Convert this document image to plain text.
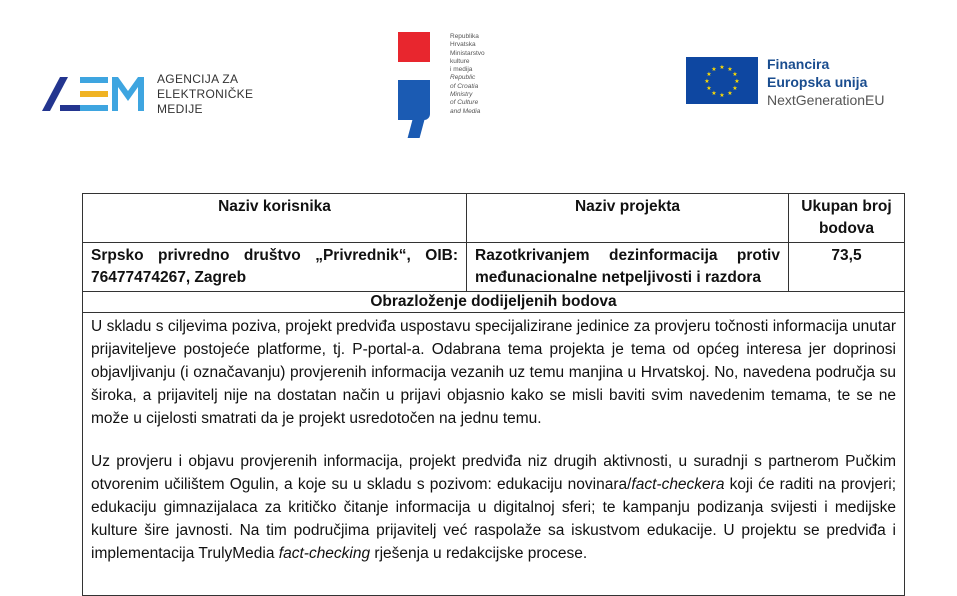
AGENCIJA ZA
ELEKTRONIČKE
MEDIJE
Republika
Hrvatska
Ministarstvo
kulture
i medija
Republic
of Croatia
Ministry
of Culture
and Media
★ ★
★
★
★
★
★
★
★
★
★
★	Financira
Europska unija
NextGenerationEU
Naziv korisnika	Naziv projekta	Ukupan broj bodova
Srpsko privredno društvo „Privrednik“, OIB: 76477474267, Zagreb	Razotkrivanjem dezinformacija protiv međunacionalne netpeljivosti i razdora	73,5
Obrazloženje dodijeljenih bodova		

U skladu s ciljevima poziva, projekt predviđa uspostavu specijalizirane jedinice za provjeru točnosti informacija unutar prijaviteljeve postojeće platforme, tj. P-portal-a. Odabrana tema projekta je tema od općeg interesa jer doprinosi objavljivanju (i označavanju) provjerenih informacija vezanih uz temu manjina u Hrvatskoj. No, navedena područja su široka, a prijavitelj nije na dostatan način u prijavi objasnio kako se misli baviti svim navedenim temama, te se ne može u cijelosti smatrati da je projekt usredotočen na jednu temu.

Uz provjeru i objavu provjerenih informacija, projekt predviđa niz drugih aktivnosti, u suradnji s partnerom Pučkim otvorenim učilištem Ogulin, a koje su u skladu s pozivom: edukaciju novinara/fact-checkera koji će raditi na provjeri; edukaciju gimnazijalaca za kritičko čitanje informacija u digitalnoj sferi; te kampanju podizanja svijesti i medijske kulture šire javnosti. Na tim područjima prijavitelj već raspolaže sa iskustvom edukacije. U projektu se predviđa i implementacija TrulyMedia fact-checking rješenja u redakcijske procese.		
